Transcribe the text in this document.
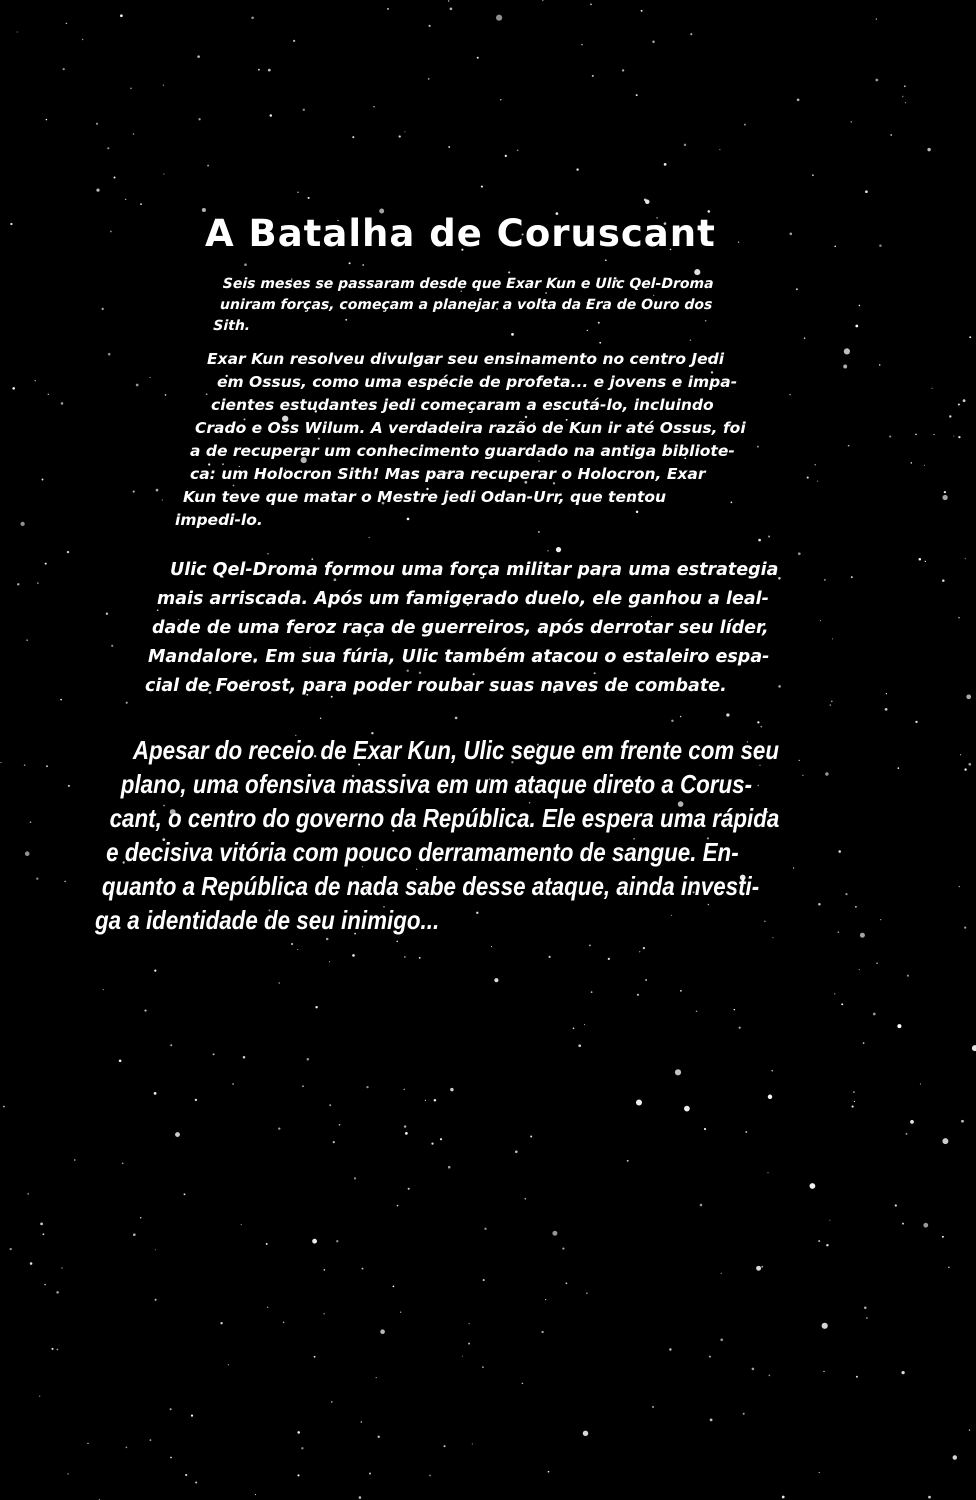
A Batalha de Coruscant
Seis meses se passaram desde que Exar Kun e Ulic Qel-Droma
uniram forças, começam a planejar a volta da Era de Ouro dos
Sith.
Exar Kun resolveu divulgar seu ensinamento no centro Jedi
em Ossus, como uma espécie de profeta... e jovens e impa-
cientes estudantes jedi começaram a escutá-lo, incluindo
Crado e Oss Wilum. A verdadeira razão de Kun ir até Ossus, foi
a de recuperar um conhecimento guardado na antiga bibliote-
ca: um Holocron Sith! Mas para recuperar o Holocron, Exar
Kun teve que matar o Mestre jedi Odan-Urr, que tentou
impedi-lo.
Ulic Qel-Droma formou uma força militar para uma estrategia
mais arriscada. Após um famigerado duelo, ele ganhou a leal-
dade de uma feroz raça de guerreiros, após derrotar seu líder,
Mandalore. Em sua fúria, Ulic também atacou o estaleiro espa-
cial de Foerost, para poder roubar suas naves de combate.
Apesar do receio de Exar Kun, Ulic segue em frente com seu
plano, uma ofensiva massiva em um ataque direto a Corus-
cant, o centro do governo da República. Ele espera uma rápida
e decisiva vitória com pouco derramamento de sangue. En-
quanto a República de nada sabe desse ataque, ainda investi-
ga a identidade de seu inimigo...
